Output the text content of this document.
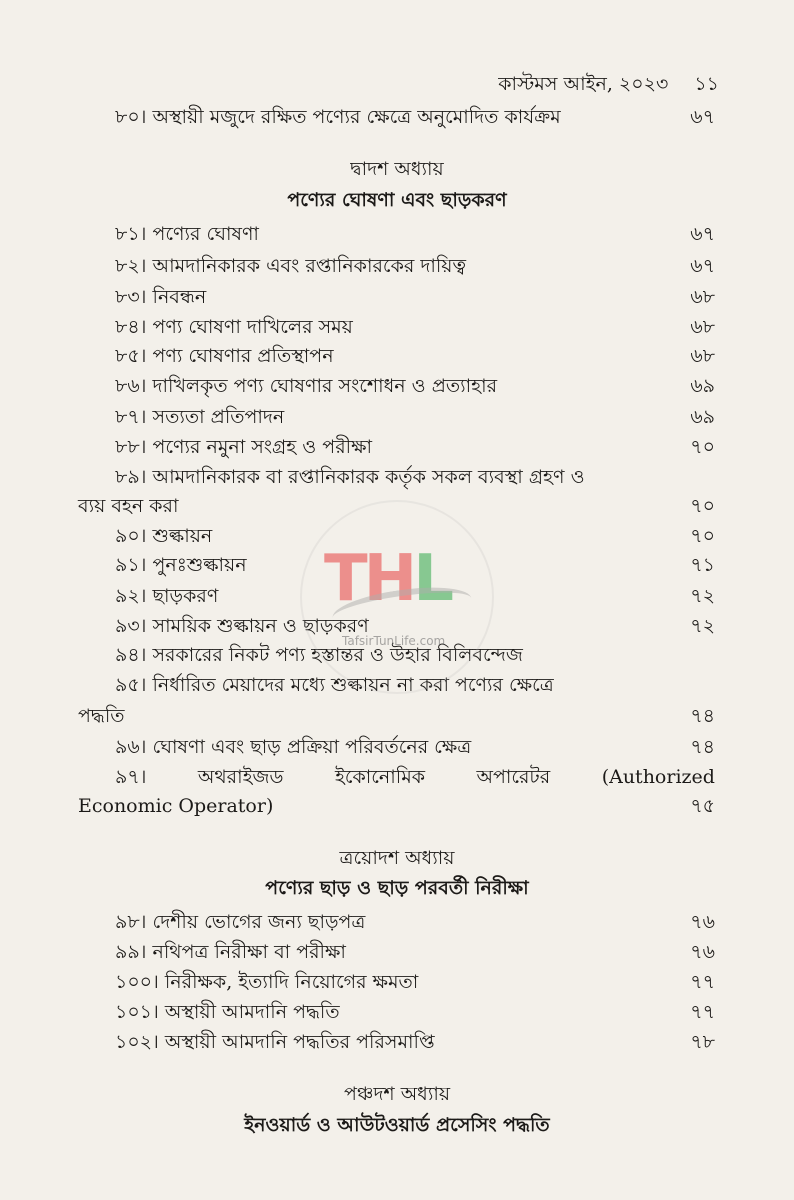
কাস্টমস আইন, ২০২৩ ১১
৮০। অস্থায়ী মজুদে রক্ষিত পণ্যের ক্ষেত্রে অনুমোদিত কার্যক্রম	৬৭
দ্বাদশ অধ্যায়
পণ্যের ঘোষণা এবং ছাড়করণ
৮১। পণ্যের ঘোষণা	৬৭
৮২। আমদানিকারক এবং রপ্তানিকারকের দায়িত্ব	৬৭
৮৩। নিবন্ধন	৬৮
৮৪। পণ্য ঘোষণা দাখিলের সময়	৬৮
৮৫। পণ্য ঘোষণার প্রতিস্থাপন	৬৮
৮৬। দাখিলকৃত পণ্য ঘোষণার সংশোধন ও প্রত্যাহার	৬৯
৮৭। সত্যতা প্রতিপাদন	৬৯
৮৮। পণ্যের নমুনা সংগ্রহ ও পরীক্ষা	৭০
৮৯। আমদানিকারক বা রপ্তানিকারক কর্তৃক সকল ব্যবস্থা গ্রহণ ও
ব্যয় বহন করা	৭০
৯০। শুল্কায়ন	৭০
৯১। পুনঃশুল্কায়ন	৭১
৯২। ছাড়করণ	৭২
৯৩। সাময়িক শুল্কায়ন ও ছাড়করণ	৭২
৯৪। সরকারের নিকট পণ্য হস্তান্তর ও উহার বিলিবন্দেজ
৯৫। নির্ধারিত মেয়াদের মধ্যে শুল্কায়ন না করা পণ্যের ক্ষেত্রে
পদ্ধতি	৭৪
৯৬। ঘোষণা এবং ছাড় প্রক্রিয়া পরিবর্তনের ক্ষেত্র	৭৪
৯৭।	অথরাইজড	ইকোনোমিক	অপারেটর	(Authorized
Economic Operator)	৭৫
ত্রয়োদশ অধ্যায়
পণ্যের ছাড় ও ছাড় পরবর্তী নিরীক্ষা
৯৮। দেশীয় ভোগের জন্য ছাড়পত্র	৭৬
৯৯। নথিপত্র নিরীক্ষা বা পরীক্ষা	৭৬
১০০। নিরীক্ষক, ইত্যাদি নিয়োগের ক্ষমতা	৭৭
১০১। অস্থায়ী আমদানি পদ্ধতি	৭৭
১০২। অস্থায়ী আমদানি পদ্ধতির পরিসমাপ্তি	৭৮
পঞ্চদশ অধ্যায়
ইনওয়ার্ড ও আউটওয়ার্ড প্রসেসিং পদ্ধতি
THL
TafsirTunLife.com
